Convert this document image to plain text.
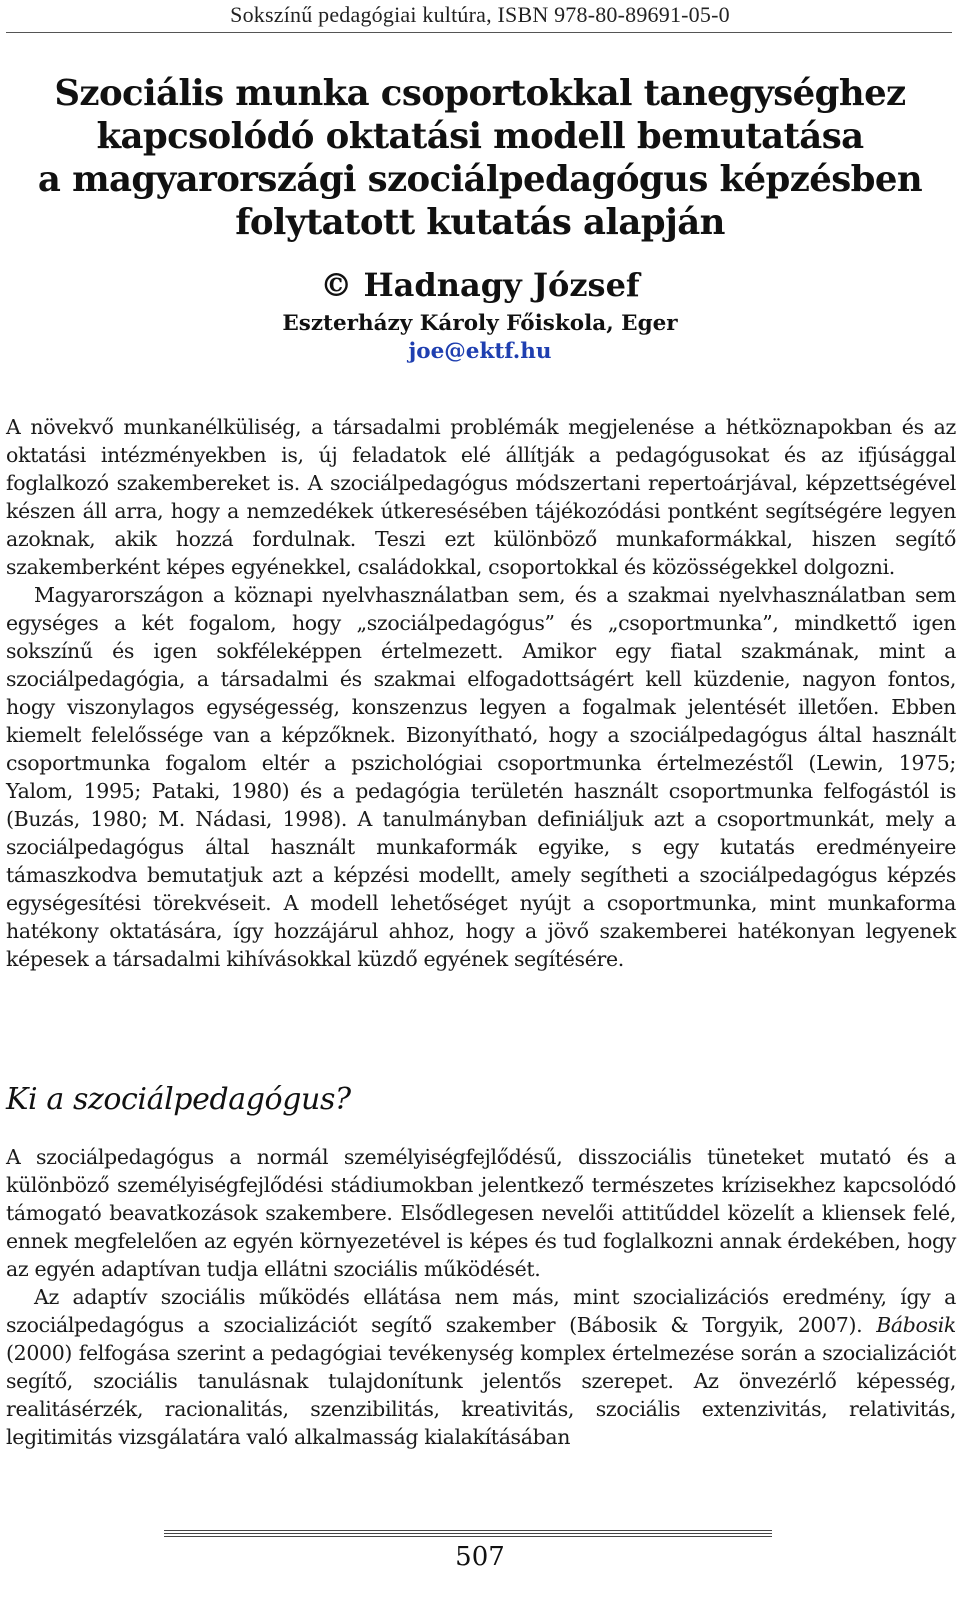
Sokszínű pedagógiai kultúra, ISBN 978-80-89691-05-0
Szociális munka csoportokkal tanegységhez
kapcsolódó oktatási modell bemutatása
a magyarországi szociálpedagógus képzésben
folytatott kutatás alapján
© Hadnagy József
Eszterházy Károly Főiskola, Eger
joe@ektf.hu

A növekvő munkanélküliség, a társadalmi problémák megjelenése a hétköznapokban és az oktatási intézményekben is, új feladatok elé állítják a pedagógusokat és az ifjúsággal foglalkozó szakembereket is. A szociálpedagógus módszertani repertoárjával, képzettségével készen áll arra, hogy a nemzedékek útkeresésében tájékozódási pontként segítségére legyen azoknak, akik hozzá fordulnak. Teszi ezt különböző munkaformákkal, hiszen segítő szakemberként képes egyénekkel, családokkal, csoportokkal és közösségekkel dolgozni.

Magyarországon a köznapi nyelvhasználatban sem, és a szakmai nyelvhasználatban sem egységes a két fogalom, hogy „szociálpedagógus” és „csoportmunka”, mindkettő igen sokszínű és igen sokféleképpen értelmezett. Amikor egy fiatal szakmának, mint a szociálpedagógia, a társadalmi és szakmai elfogadottságért kell küzdenie, nagyon fontos, hogy viszonylagos egységesség, konszenzus legyen a fogalmak jelentését illetően. Ebben kiemelt felelőssége van a képzőknek. Bizonyítható, hogy a szociálpedagógus által használt csoportmunka fogalom eltér a pszichológiai csoportmunka értelmezéstől (Lewin, 1975; Yalom, 1995; Pataki, 1980) és a pedagógia területén használt csoportmunka felfogástól is (Buzás, 1980; M. Nádasi, 1998). A tanulmányban definiáljuk azt a csoportmunkát, mely a szociálpedagógus által használt munkaformák egyike, s egy kutatás eredményeire támaszkodva bemutatjuk azt a képzési modellt, amely segítheti a szociálpedagógus képzés egységesítési törekvéseit. A modell lehetőséget nyújt a csoportmunka, mint munkaforma hatékony oktatására, így hozzájárul ahhoz, hogy a jövő szakemberei hatékonyan legyenek képesek a társadalmi kihívásokkal küzdő egyének segítésére.

Ki a szociálpedagógus?

A szociálpedagógus a normál személyiségfejlődésű, disszociális tüneteket mutató és a különböző személyiségfejlődési stádiumokban jelentkező természetes krízisekhez kapcsolódó támogató beavatkozások szakembere. Elsődlegesen nevelői attitűddel közelít a kliensek felé, ennek megfelelően az egyén környezetével is képes és tud foglalkozni annak érdekében, hogy az egyén adaptívan tudja ellátni szociális működését.

Az adaptív szociális működés ellátása nem más, mint szocializációs eredmény, így a szociálpedagógus a szocializációt segítő szakember (Bábosik & Torgyik, 2007). Bábosik (2000) felfogása szerint a pedagógiai tevékenység komplex értelmezése során a szocializációt segítő, szociális tanulásnak tulajdonítunk jelentős szerepet. Az önvezérlő képesség, realitásérzék, racionalitás, szenzibilitás, kreativitás, szociális extenzivitás, relativitás, legitimitás vizsgálatára való alkalmasság kialakításában

507
